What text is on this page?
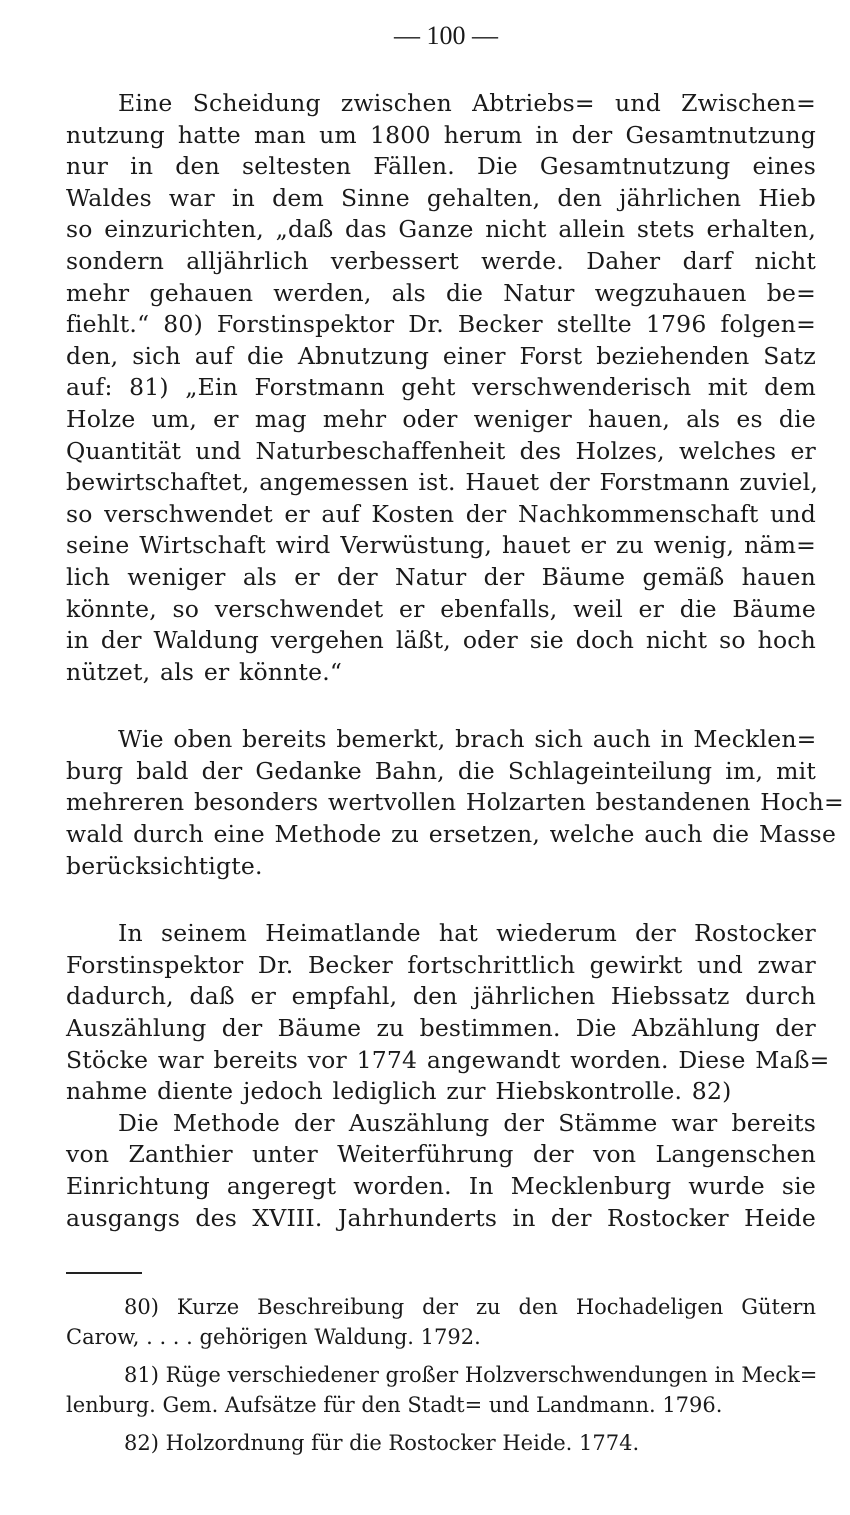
— 100 —
Eine Scheidung zwischen Abtriebs= und Zwischen=
nutzung hatte man um 1800 herum in der Gesamtnutzung
nur in den seltesten Fällen. Die Gesamtnutzung eines
Waldes war in dem Sinne gehalten, den jährlichen Hieb
so einzurichten, „daß das Ganze nicht allein stets erhalten,
sondern alljährlich verbessert werde. Daher darf nicht
mehr gehauen werden, als die Natur wegzuhauen be=
fiehlt.“ 80) Forstinspektor Dr. Becker stellte 1796 folgen=
den, sich auf die Abnutzung einer Forst beziehenden Satz
auf: 81) „Ein Forstmann geht verschwenderisch mit dem
Holze um, er mag mehr oder weniger hauen, als es die
Quantität und Naturbeschaffenheit des Holzes, welches er
bewirtschaftet, angemessen ist. Hauet der Forstmann zuviel,
so verschwendet er auf Kosten der Nachkommenschaft und
seine Wirtschaft wird Verwüstung, hauet er zu wenig, näm=
lich weniger als er der Natur der Bäume gemäß hauen
könnte, so verschwendet er ebenfalls, weil er die Bäume
in der Waldung vergehen läßt, oder sie doch nicht so hoch
nützet, als er könnte.“
Wie oben bereits bemerkt, brach sich auch in Mecklen=
burg bald der Gedanke Bahn, die Schlageinteilung im, mit
mehreren besonders wertvollen Holzarten bestandenen Hoch=
wald durch eine Methode zu ersetzen, welche auch die Masse
berücksichtigte.
In seinem Heimatlande hat wiederum der Rostocker
Forstinspektor Dr. Becker fortschrittlich gewirkt und zwar
dadurch, daß er empfahl, den jährlichen Hiebssatz durch
Auszählung der Bäume zu bestimmen. Die Abzählung der
Stöcke war bereits vor 1774 angewandt worden. Diese Maß=
nahme diente jedoch lediglich zur Hiebskontrolle. 82)
Die Methode der Auszählung der Stämme war bereits
von Zanthier unter Weiterführung der von Langenschen
Einrichtung angeregt worden. In Mecklenburg wurde sie
ausgangs des XVIII. Jahrhunderts in der Rostocker Heide
80) Kurze Beschreibung der zu den Hochadeligen Gütern
Carow, . . . . gehörigen Waldung. 1792.
81) Rüge verschiedener großer Holzverschwendungen in Meck=
lenburg. Gem. Aufsätze für den Stadt= und Landmann. 1796.
82) Holzordnung für die Rostocker Heide. 1774.
